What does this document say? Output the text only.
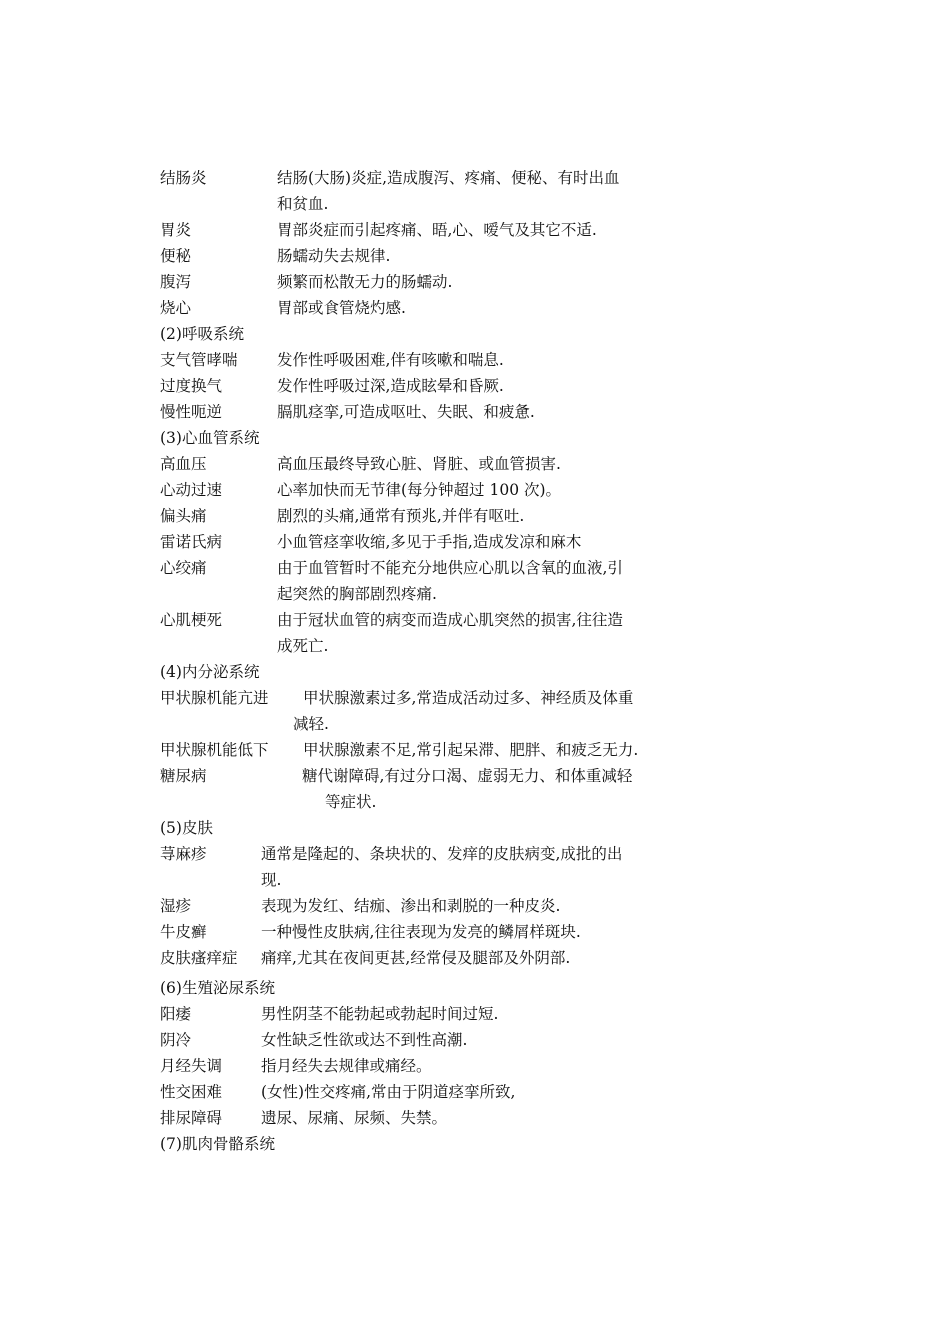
结肠炎	结肠(大肠)炎症,造成腹泻、疼痛、便秘、有时出血
和贫血.
胃炎	胃部炎症而引起疼痛、晤,心、嗳气及其它不适.
便秘	肠蠕动失去规律.
腹泻	频繁而松散无力的肠蠕动.
烧心	胃部或食管烧灼感.
(2)呼吸系统
支气管哮喘	发作性呼吸困难,伴有咳嗽和喘息.
过度换气	发作性呼吸过深,造成眩晕和昏厥.
慢性呃逆	膈肌痉挛,可造成呕吐、失眠、和疲惫.
(3)心血管系统
高血压	高血压最终导致心脏、肾脏、或血管损害.
心动过速	心率加快而无节律(每分钟超过 100 次)。
偏头痛	剧烈的头痛,通常有预兆,并伴有呕吐.
雷诺氏病	小血管痉挛收缩,多见于手指,造成发凉和麻木
心绞痛	由于血管暂时不能充分地供应心肌以含氧的血液,引
起突然的胸部剧烈疼痛.
心肌梗死	由于冠状血管的病变而造成心肌突然的损害,往往造
成死亡.
(4)内分泌系统
甲状腺机能亢进 甲状腺激素过多,常造成活动过多、神经质及体重
减轻.
甲状腺机能低下 甲状腺激素不足,常引起呆滞、肥胖、和疲乏无力.
糖尿病	糖代谢障碍,有过分口渴、虚弱无力、和体重减轻
等症状.
(5)皮肤
荨麻疹	通常是隆起的、条块状的、发痒的皮肤病变,成批的出
现.
湿疹	表现为发红、结痂、渗出和剥脱的一种皮炎.
牛皮癣	一种慢性皮肤病,往往表现为发亮的鳞屑样斑块.
皮肤瘙痒症 痛痒,尤其在夜间更甚,经常侵及腿部及外阴部.
(6)生殖泌尿系统
阳痿	男性阴茎不能勃起或勃起时间过短.
阴冷	女性缺乏性欲或达不到性高潮.
月经失调	指月经失去规律或痛经。
性交困难	(女性)性交疼痛,常由于阴道痉挛所致,
排尿障碍	遗尿、尿痛、尿频、失禁。
(7)肌肉骨骼系统
